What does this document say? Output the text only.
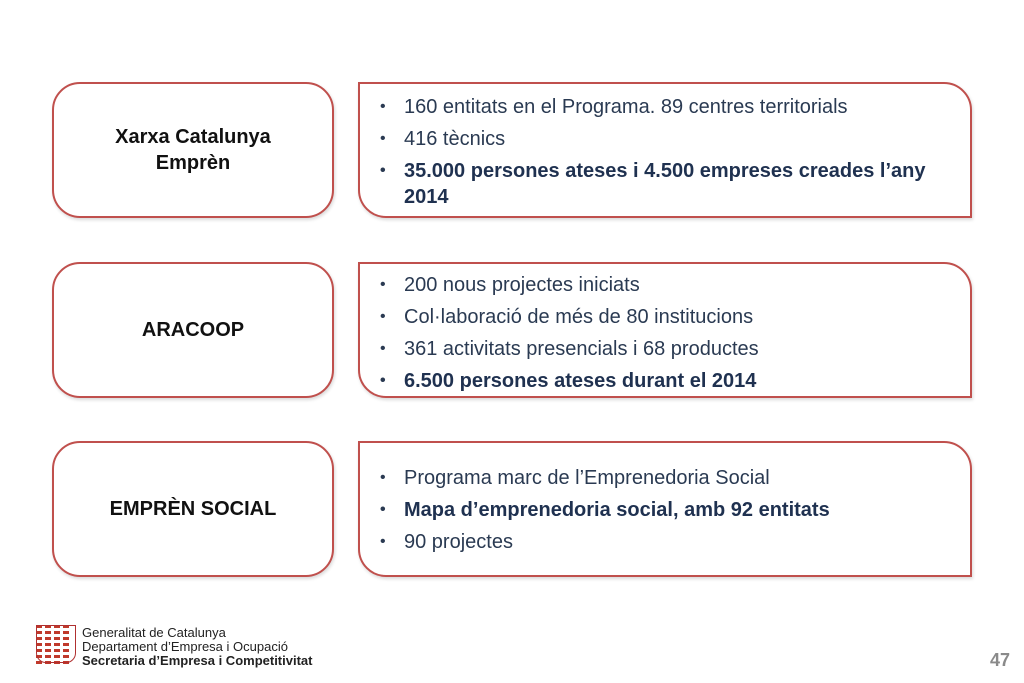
Xarxa Catalunya
Emprèn
• 160 entitats en el Programa. 89 centres territorials
• 416 tècnics
• 35.000 persones ateses i 4.500 empreses creades l’any 2014
ARACOOP
• 200 nous projectes iniciats
• Col·laboració de més de 80 institucions
• 361 activitats presencials i 68 productes
• 6.500 persones ateses durant el 2014
EMPRÈN SOCIAL
• Programa marc de l’Emprenedoria Social
• Mapa d’emprenedoria social, amb 92 entitats
• 90 projectes
Generalitat de Catalunya
Departament d’Empresa i Ocupació
Secretaria d’Empresa i Competitivitat	47
